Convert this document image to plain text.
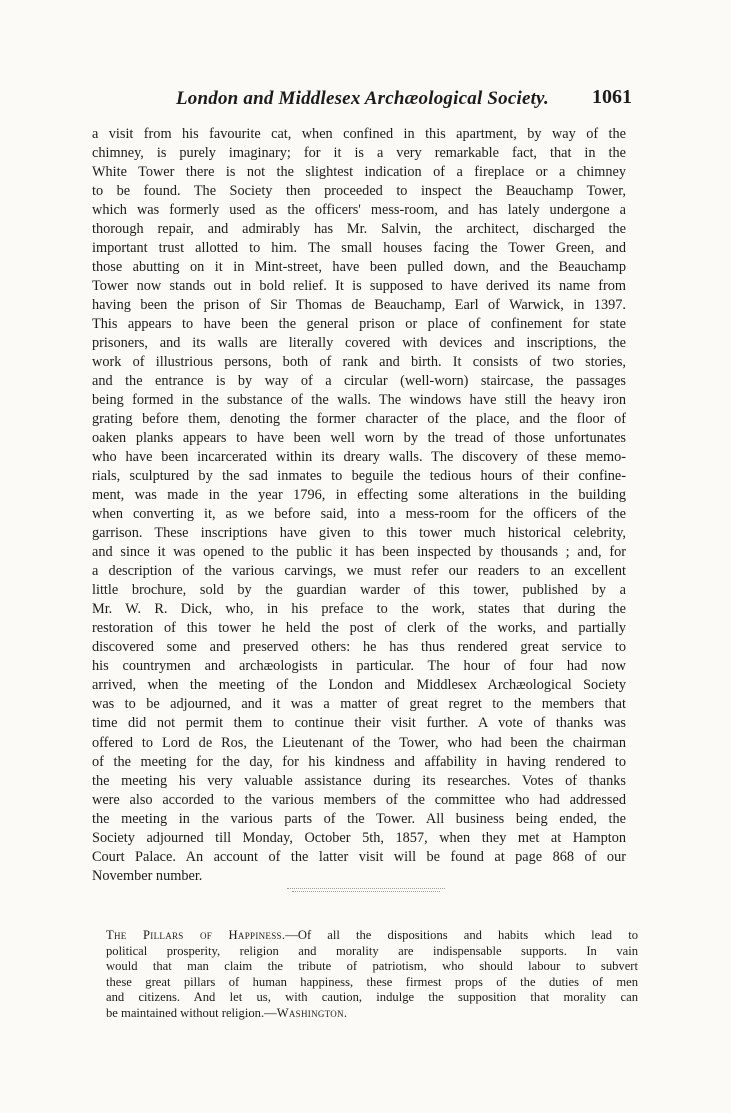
London and Middlesex Archæological Society. 1061
a visit from his favourite cat, when confined in this apartment, by way of the
chimney, is purely imaginary; for it is a very remarkable fact, that in the
White Tower there is not the slightest indication of a fireplace or a chimney
to be found. The Society then proceeded to inspect the Beauchamp Tower,
which was formerly used as the officers' mess-room, and has lately undergone a
thorough repair, and admirably has Mr. Salvin, the architect, discharged the
important trust allotted to him. The small houses facing the Tower Green, and
those abutting on it in Mint-street, have been pulled down, and the Beauchamp
Tower now stands out in bold relief. It is supposed to have derived its name from
having been the prison of Sir Thomas de Beauchamp, Earl of Warwick, in 1397.
This appears to have been the general prison or place of confinement for state
prisoners, and its walls are literally covered with devices and inscriptions, the
work of illustrious persons, both of rank and birth. It consists of two stories,
and the entrance is by way of a circular (well-worn) staircase, the passages
being formed in the substance of the walls. The windows have still the heavy iron
grating before them, denoting the former character of the place, and the floor of
oaken planks appears to have been well worn by the tread of those unfortunates
who have been incarcerated within its dreary walls. The discovery of these memo-
rials, sculptured by the sad inmates to beguile the tedious hours of their confine-
ment, was made in the year 1796, in effecting some alterations in the building
when converting it, as we before said, into a mess-room for the officers of the
garrison. These inscriptions have given to this tower much historical celebrity,
and since it was opened to the public it has been inspected by thousands ; and, for
a description of the various carvings, we must refer our readers to an excellent
little brochure, sold by the guardian warder of this tower, published by a
Mr. W. R. Dick, who, in his preface to the work, states that during the
restoration of this tower he held the post of clerk of the works, and partially
discovered some and preserved others: he has thus rendered great service to
his countrymen and archæologists in particular. The hour of four had now
arrived, when the meeting of the London and Middlesex Archæological Society
was to be adjourned, and it was a matter of great regret to the members that
time did not permit them to continue their visit further. A vote of thanks was
offered to Lord de Ros, the Lieutenant of the Tower, who had been the chairman
of the meeting for the day, for his kindness and affability in having rendered to
the meeting his very valuable assistance during its researches. Votes of thanks
were also accorded to the various members of the committee who had addressed
the meeting in the various parts of the Tower. All business being ended, the
Society adjourned till Monday, October 5th, 1857, when they met at Hampton
Court Palace. An account of the latter visit will be found at page 868 of our
November number.
The Pillars of Happiness.—Of all the dispositions and habits which lead to
political prosperity, religion and morality are indispensable supports. In vain
would that man claim the tribute of patriotism, who should labour to subvert
these great pillars of human happiness, these firmest props of the duties of men
and citizens. And let us, with caution, indulge the supposition that morality can
be maintained without religion.—Washington.
